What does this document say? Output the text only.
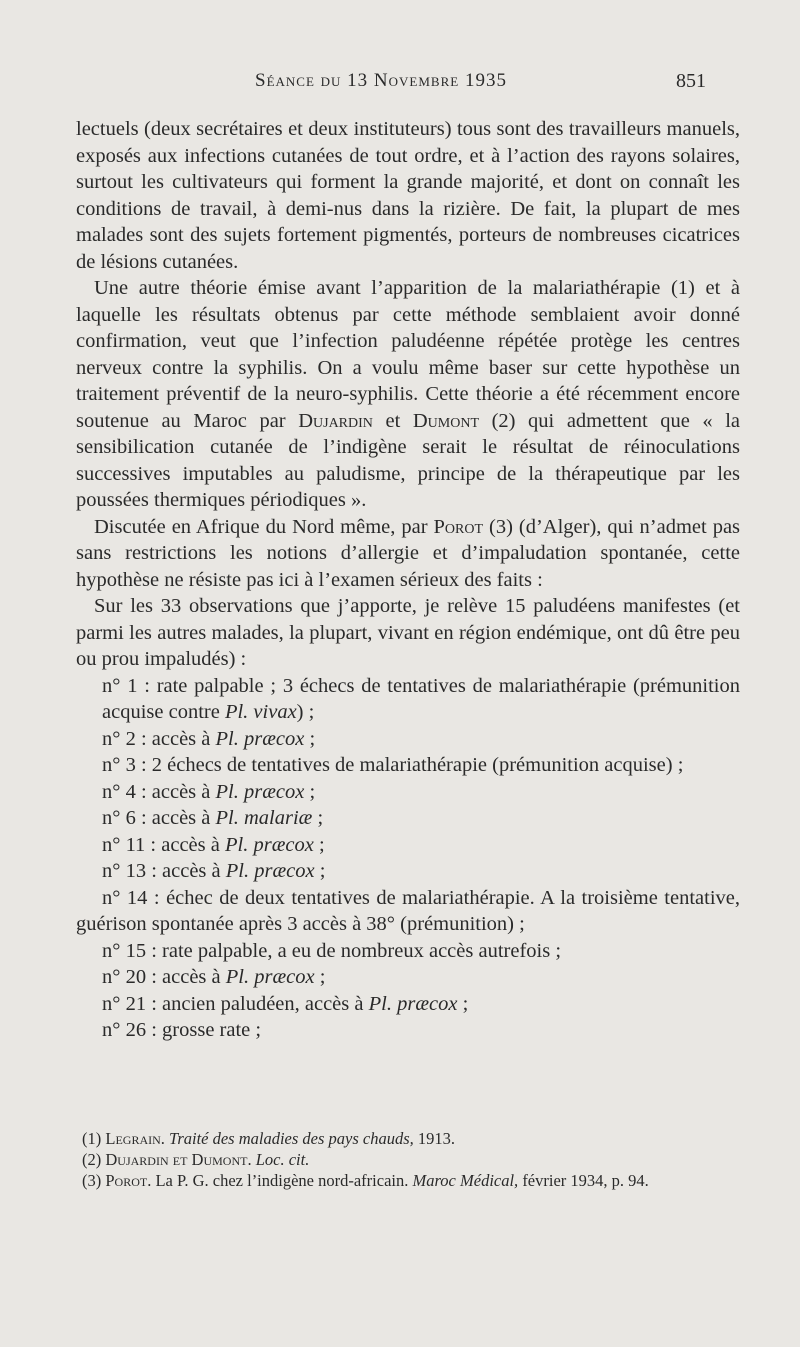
Séance du 13 Novembre 1935	851

lectuels (deux secrétaires et deux instituteurs) tous sont des travailleurs manuels, exposés aux infections cutanées de tout ordre, et à l’action des rayons solaires, surtout les cultivateurs qui forment la grande majorité, et dont on connaît les conditions de travail, à demi-nus dans la rizière. De fait, la plupart de mes malades sont des sujets fortement pigmentés, porteurs de nombreuses cicatrices de lésions cutanées.

Une autre théorie émise avant l’apparition de la malariathérapie (1) et à laquelle les résultats obtenus par cette méthode semblaient avoir donné confirmation, veut que l’infection paludéenne répétée protège les centres nerveux contre la syphilis. On a voulu même baser sur cette hypothèse un traitement préventif de la neuro-syphilis. Cette théorie a été récemment encore soutenue au Maroc par Dujardin et Dumont (2) qui admettent que « la sensibilication cutanée de l’indigène serait le résultat de réinoculations successives imputables au paludisme, principe de la thérapeutique par les poussées thermiques périodiques ».

Discutée en Afrique du Nord même, par Porot (3) (d’Alger), qui n’admet pas sans restrictions les notions d’allergie et d’impaludation spontanée, cette hypothèse ne résiste pas ici à l’examen sérieux des faits :

Sur les 33 observations que j’apporte, je relève 15 paludéens manifestes (et parmi les autres malades, la plupart, vivant en région endémique, ont dû être peu ou prou impaludés) :

n° 1 : rate palpable ; 3 échecs de tentatives de malariathérapie (prémunition acquise contre Pl. vivax) ;

n° 2 : accès à Pl. præcox ;

n° 3 : 2 échecs de tentatives de malariathérapie (prémunition acquise) ;

n° 4 : accès à Pl. præcox ;

n° 6 : accès à Pl. malariæ ;

n° 11 : accès à Pl. præcox ;

n° 13 : accès à Pl. præcox ;

n° 14 : échec de deux tentatives de malariathérapie. A la troisième tentative, guérison spontanée après 3 accès à 38° (prémunition) ;

n° 15 : rate palpable, a eu de nombreux accès autrefois ;

n° 20 : accès à Pl. præcox ;

n° 21 : ancien paludéen, accès à Pl. præcox ;

n° 26 : grosse rate ;

(1) Legrain. Traité des maladies des pays chauds, 1913.

(2) Dujardin et Dumont. Loc. cit.

(3) Porot. La P. G. chez l’indigène nord-africain. Maroc Médical, février 1934, p. 94.
